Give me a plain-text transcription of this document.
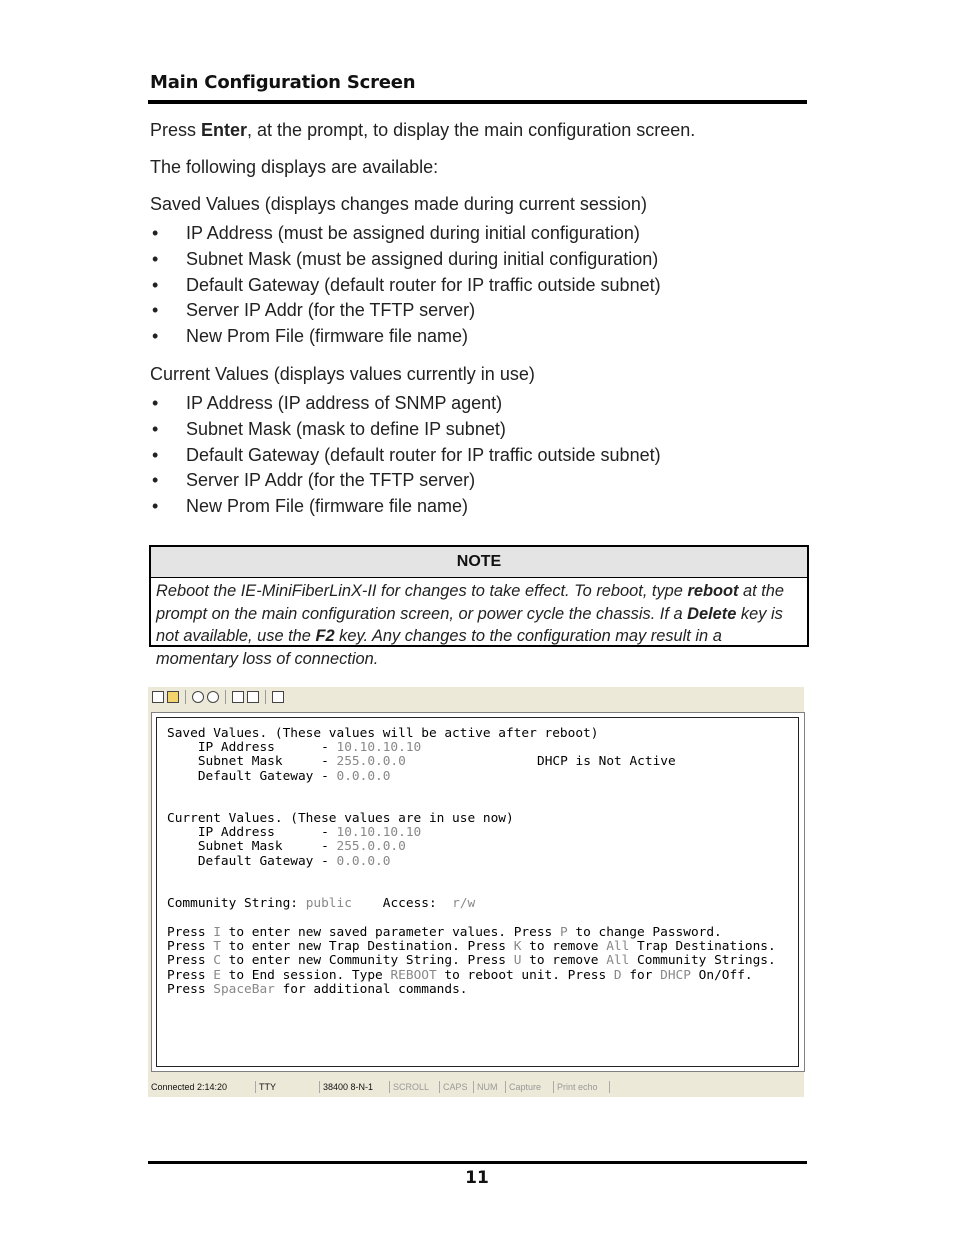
Main Configuration Screen
Press Enter, at the prompt, to display the main configuration screen.
The following displays are available:
Saved Values (displays changes made during current session)
• IP Address (must be assigned during initial configuration)
• Subnet Mask (must be assigned during initial configuration)
• Default Gateway (default router for IP traffic outside subnet)
• Server IP Addr (for the TFTP server)
• New Prom File (firmware file name)
Current Values (displays values currently in use)
• IP Address (IP address of SNMP agent)
• Subnet Mask (mask to define IP subnet)
• Default Gateway (default router for IP traffic outside subnet)
• Server IP Addr (for the TFTP server)
• New Prom File (firmware file name)
NOTE
Reboot the IE-MiniFiberLinX-II for changes to take effect. To reboot, type reboot at the prompt on the main configuration screen, or power cycle the chassis. If a Delete key is not available, use the F2 key. Any changes to the configuration may result in a momentary loss of connection.
Saved Values. (These values will be active after reboot)
IP Address      - 10.10.10.10
Subnet Mask     - 255.0.0.0
Default Gateway - 0.0.0.0
DHCP is Not Active
Current Values. (These values are in use now)
IP Address      - 10.10.10.10
Subnet Mask     - 255.0.0.0
Default Gateway - 0.0.0.0
Community String: public Access:  r/w
Press I to enter new saved parameter values. Press P to change Password.
Press T to enter new Trap Destination. Press K to remove All Trap Destinations.
Press C to enter new Community String. Press U to remove All Community Strings.
Press E to End session. Type REBOOT to reboot unit. Press D for DHCP On/Off.
Press SpaceBar for additional commands.
Connected 2:14:20	TTY	38400 8-N-1	SCROLL	CAPS	NUM	Capture	Print echo
11
